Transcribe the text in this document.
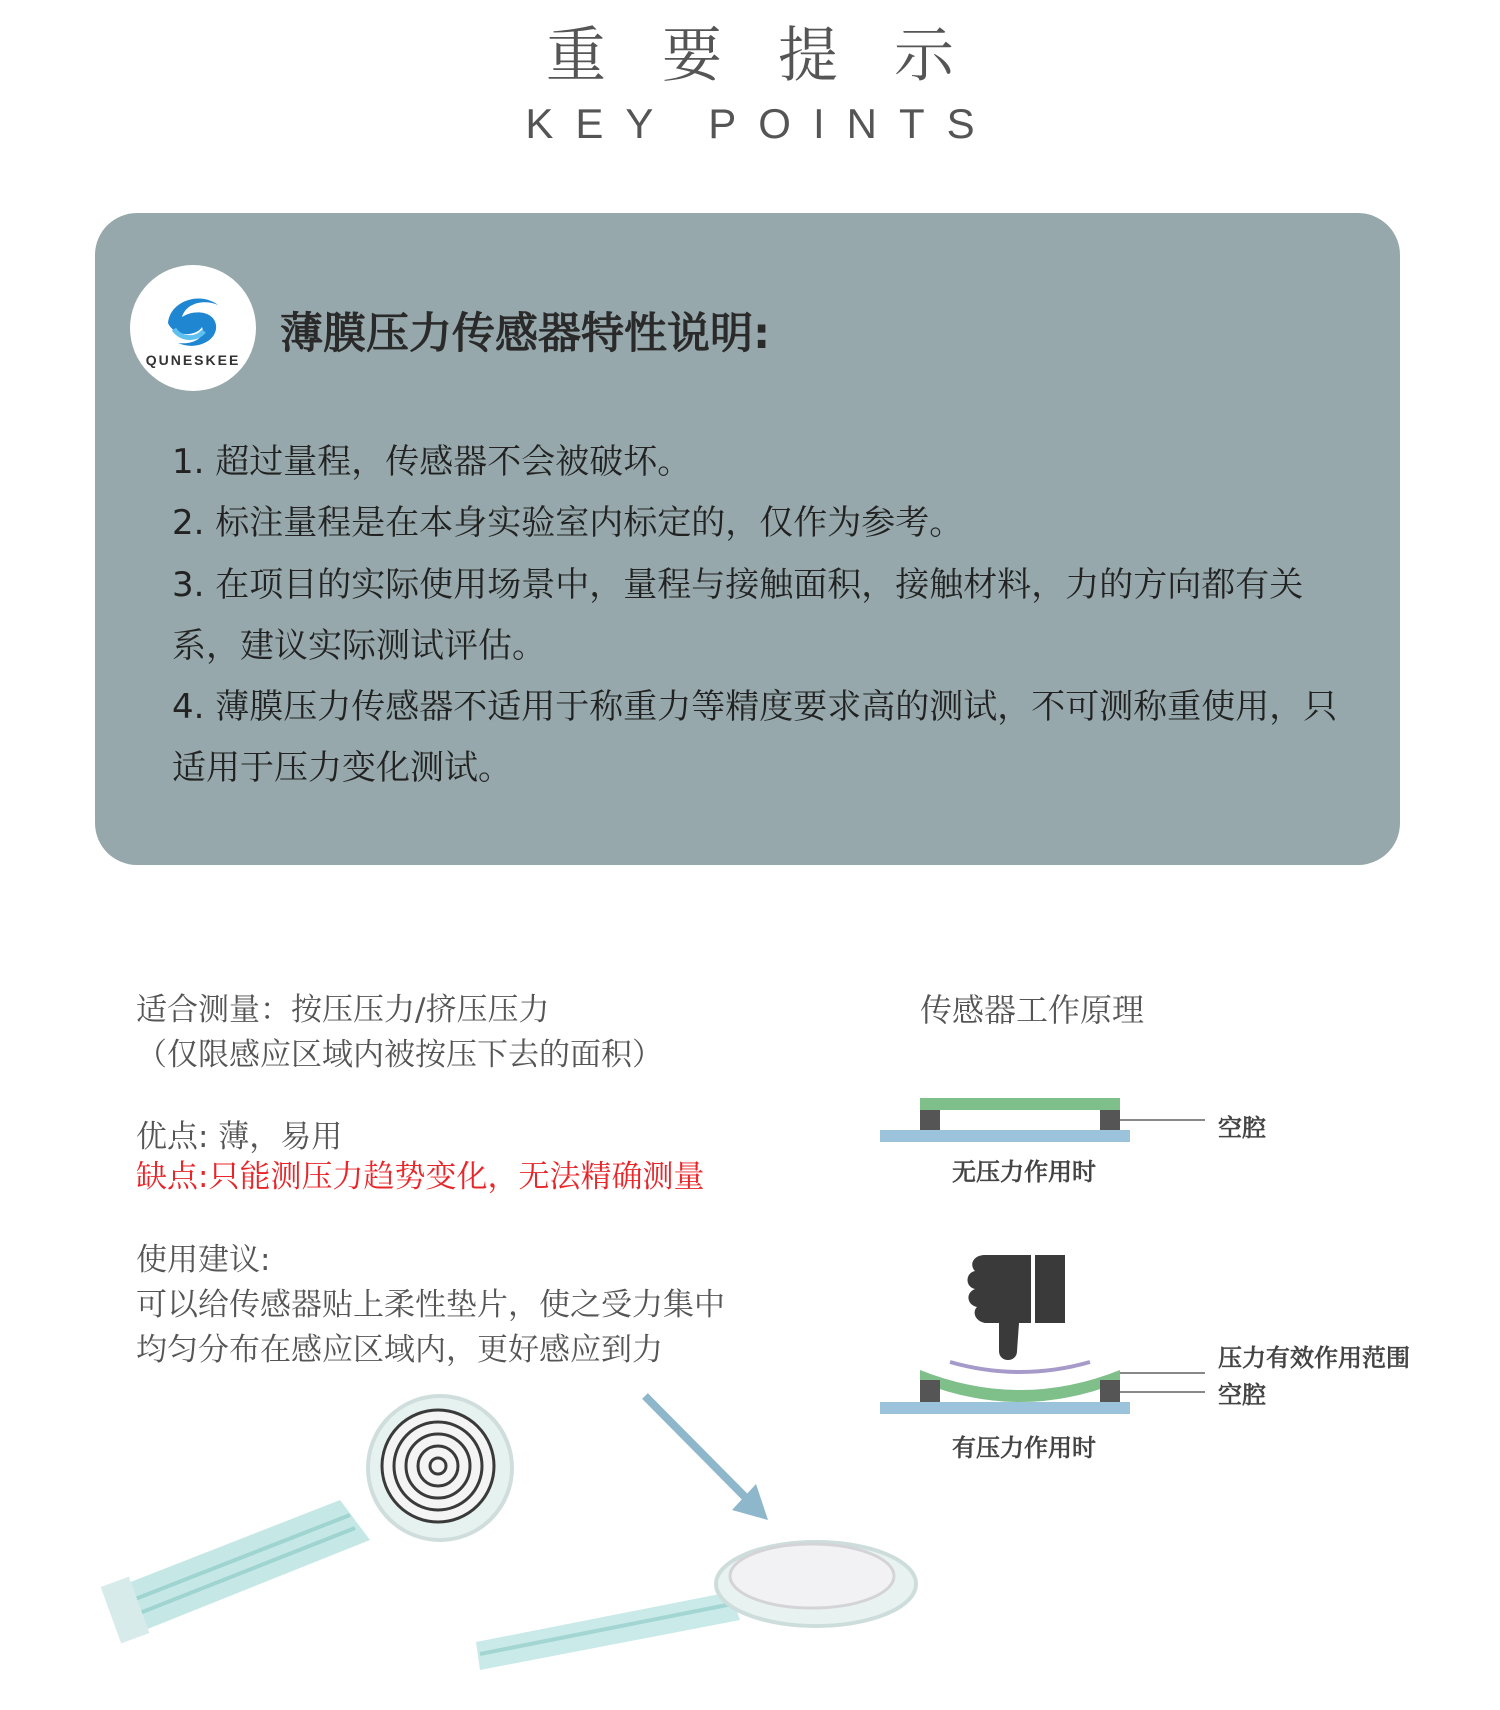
重要提示
KEY POINTS
QUNESKEE
薄膜压力传感器特性说明:
1. 超过量程，传感器不会被破坏。
2. 标注量程是在本身实验室内标定的，仅作为参考。
3. 在项目的实际使用场景中，量程与接触面积，接触材料，力的方向都有关系，建议实际测试评估。
4. 薄膜压力传感器不适用于称重力等精度要求高的测试，不可测称重使用，只适用于压力变化测试。
适合测量：按压压力/挤压压力
（仅限感应区域内被按压下去的面积）
优点: 薄，易用
缺点:只能测压力趋势变化，无法精确测量
使用建议:
可以给传感器贴上柔性垫片，使之受力集中
均匀分布在感应区域内，更好感应到力
传感器工作原理
空腔
无压力作用时
压力有效作用范围
空腔
有压力作用时
